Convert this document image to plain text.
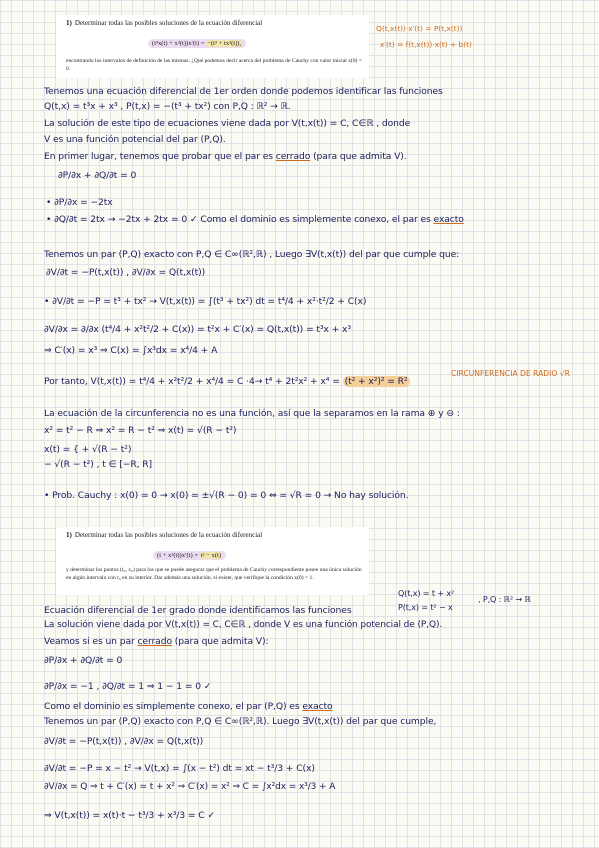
1) Determinar todas las posibles soluciones de la ecuación diferencial
(t³x(t) + x³(t))x′(t) = −(t³ + tx²(t)),
encontrando los intervalos de definición de las mismas. ¿Qué podemos decir acerca del problema de Cauchy con valor inicial x(0) = 0.
Q(t,x(t))·x′(t) = P(t,x(t))
x′(t) = f(t,x(t))·x(t) + b(t)
Tenemos una ecuación diferencial de 1er orden donde podemos identificar las funciones
Q(t,x) = t³x + x³ , P(t,x) = −(t³ + tx²) con P,Q : ℝ² → ℝ.
La solución de este tipo de ecuaciones viene dada por V(t,x(t)) = C, C∈ℝ , donde
V es una función potencial del par (P,Q).
En primer lugar, tenemos que probar que el par es cerrado (para que admita V).
∂P/∂x + ∂Q/∂t = 0
• ∂P/∂x = −2tx
• ∂Q/∂t = 2tx → −2tx + 2tx = 0 ✓ Como el dominio es simplemente conexo, el par es exacto
Tenemos un par (P,Q) exacto con P,Q ∈ C∞(ℝ²,ℝ) , Luego ∃V(t,x(t)) del par que cumple que:
∂V/∂t = −P(t,x(t)) , ∂V/∂x = Q(t,x(t))
• ∂V/∂t = −P = t³ + tx² → V(t,x(t)) = ∫(t³ + tx²) dt = t⁴/4 + x²·t²/2 + C(x)
∂V/∂x = ∂/∂x (t⁴/4 + x²t²/2 + C(x)) = t²x + C′(x) = Q(t,x(t)) = t³x + x³
⇒ C′(x) = x³ ⇒ C(x) = ∫x³dx = x⁴/4 + A
Por tanto, V(t,x(t)) = t⁴/4 + x²t²/2 + x⁴/4 = C ·4→ t⁴ + 2t²x² + x⁴ = (t² + x²)² = R²
CIRCUNFERENCIA DE RADIO √R
La ecuación de la circunferencia no es una función, así que la separamos en la rama ⊕ y ⊖ :
x² = t² − R ⇒ x² = R − t² ⇒ x(t) = √(R − t²)
x(t) = { + √(R − t²)
− √(R − t²) , t ∈ [−R, R]
• Prob. Cauchy : x(0) = 0 → x(0) = ±√(R − 0) = 0 ⇔ = √R = 0 → No hay solución.
1) Determinar todas las posibles soluciones de la ecuación diferencial
(t + x²(t))x′(t) = t² − x(t)
y determinar los puntos (t₀, x₀) para los que se puede asegurar que el problema de Cauchy correspondiente posee una única solución en algún intervalo con t₀ en su interior. Dar además una solución, si existe, que verifique la condición x(0) = 1.
Ecuación diferencial de 1er grado donde identificamos las funciones
Q(t,x) = t + x²
P(t,x) = t² − x
, P,Q : ℝ² → ℝ
La solución viene dada por V(t,x(t)) = C, C∈ℝ , donde V es una función potencial de (P,Q).
Veamos si es un par cerrado (para que admita V):
∂P/∂x + ∂Q/∂t = 0
∂P/∂x = −1 , ∂Q/∂t = 1 ⇒ 1 − 1 = 0 ✓
Como el dominio es simplemente conexo, el par (P,Q) es exacto
Tenemos un par (P,Q) exacto con P,Q ∈ C∞(ℝ²,ℝ). Luego ∃V(t,x(t)) del par que cumple,
∂V/∂t = −P(t,x(t)) , ∂V/∂x = Q(t,x(t))
∂V/∂t = −P = x − t² → V(t,x) = ∫(x − t²) dt = xt − t³/3 + C(x)
∂V/∂x = Q ⇒ t + C′(x) = t + x² ⇒ C′(x) = x² ⇒ C = ∫x²dx = x³/3 + A
⇒ V(t,x(t)) = x(t)·t − t³/3 + x³/3 = C ✓
